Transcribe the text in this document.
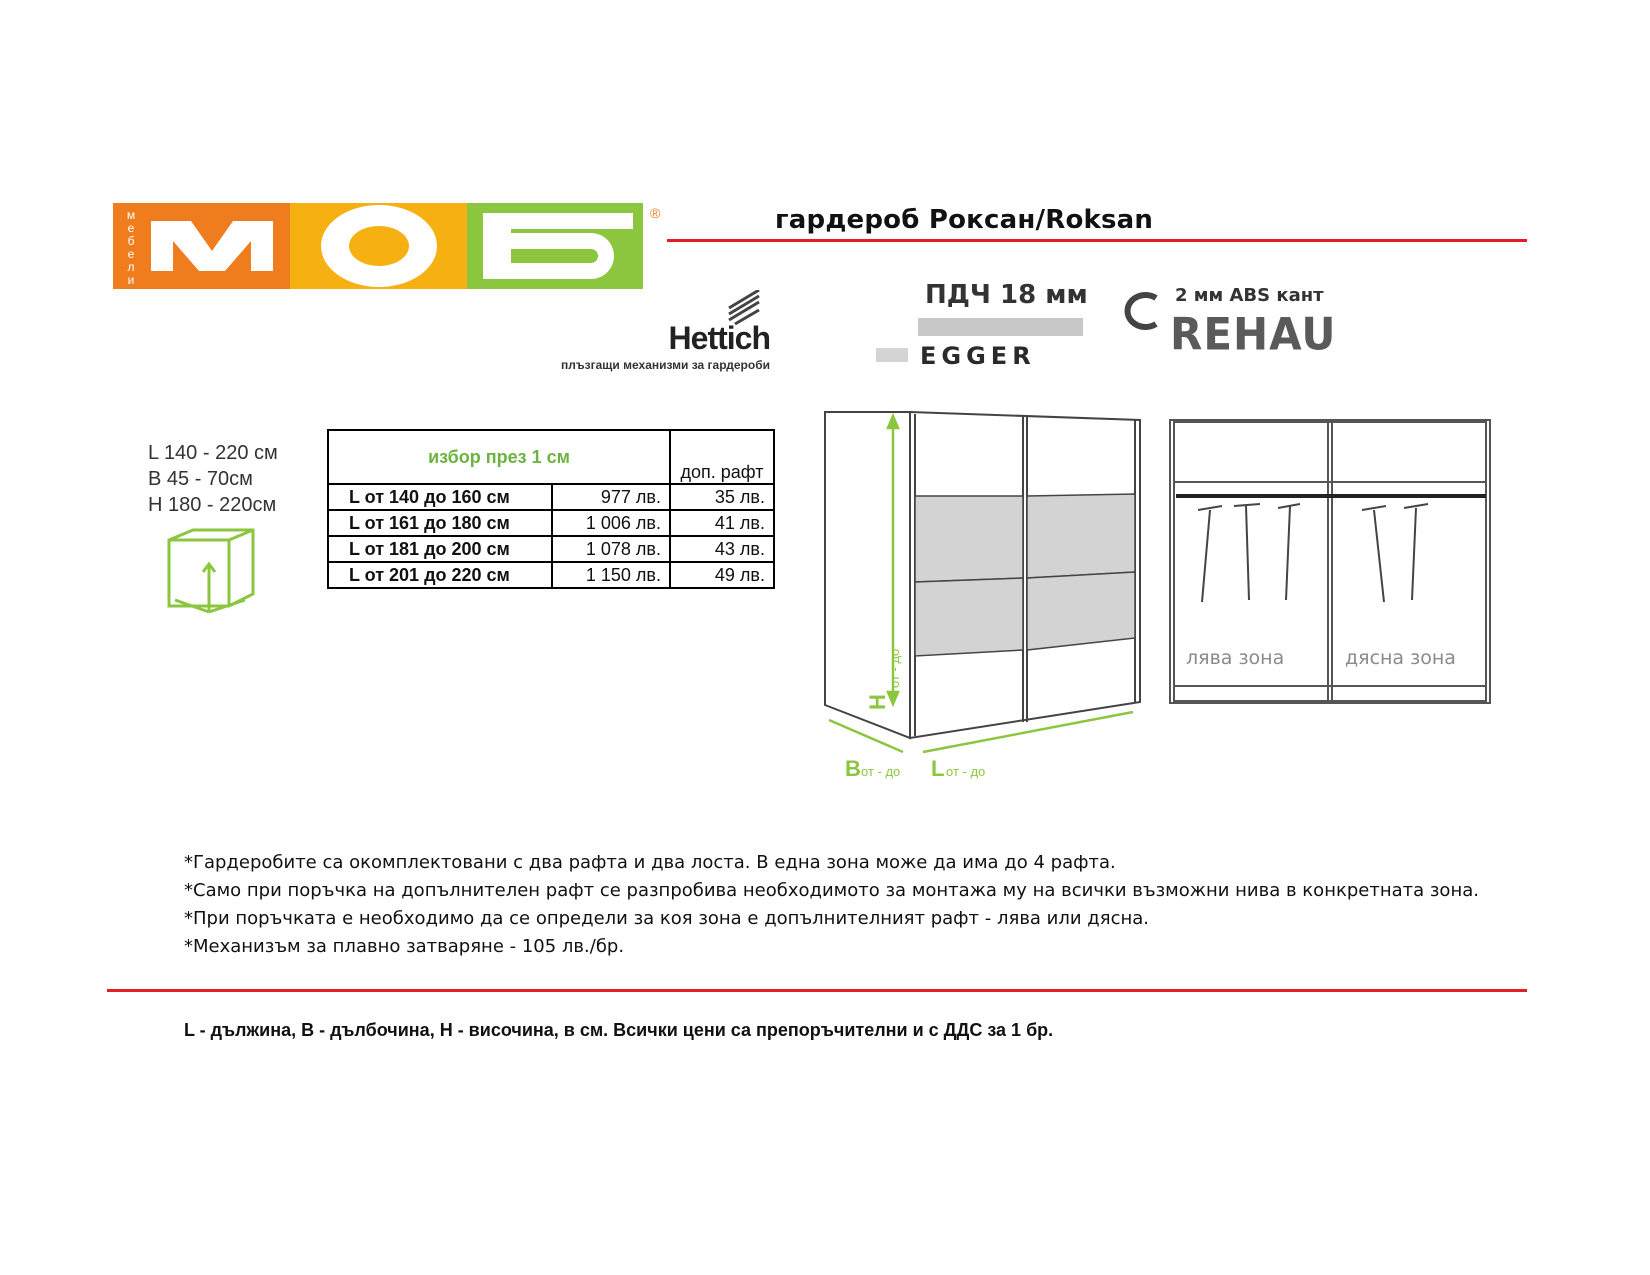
м
е
б
е
л
и
®	гардероб Роксан/Roksan
Hettich
плъзгащи механизми за гардероби
ПДЧ 18 мм
EGGER
2 мм ABS кант
REHAU
L 140 - 220 см
B 45 - 70см
H 180 - 220см
избор през 1 см		доп. рафт
L от 140 до 160 см	977 лв.	35 лв.
L от 161 до 180 см	1 006 лв.	41 лв.
L от 181 до 200 см	1 078 лв.	43 лв.
L от 201 до 220 см	1 150 лв.	49 лв.
H
от - до
B от - до L от - до
лява зона	дясна зона
*Гардеробите са окомплектовани с два рафта и два лоста. В една зона може да има до 4 рафта.
*Само при поръчка на допълнителен рафт се разпробива необходимото за монтажа му на всички възможни нива в конкретната зона.
*При поръчката е необходимо да се определи за коя зона е допълнителният рафт - лява или дясна.
*Механизъм за плавно затваряне - 105 лв./бр.
L - дължина, В - дълбочина, Н - височина, в см. Всички цени са препоръчителни и с ДДС за 1 бр.
